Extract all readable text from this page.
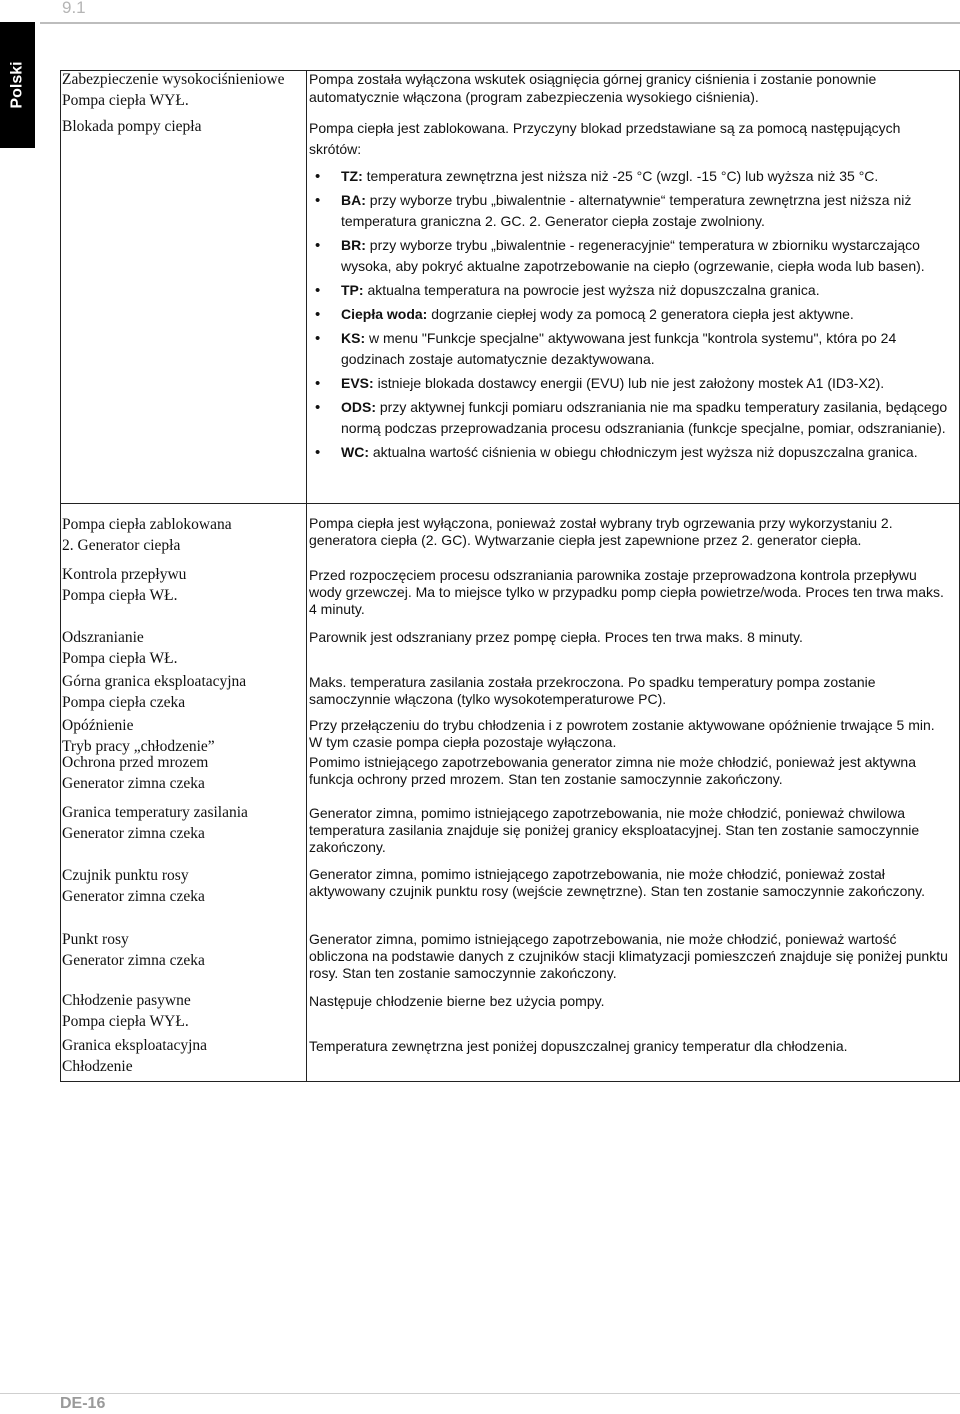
9.1
Polski Zabezpieczenie wysokociśnieniowe
Pompa ciepła WYŁ.
Pompa została wyłączona wskutek osiągnięcia górnej granicy ciśnienia i zostanie ponownie automatycznie włączona (program zabezpieczenia wysokiego ciśnienia).
Blokada pompy ciepła	Pompa ciepła jest zablokowana. Przyczyny blokad przedstawiane są za pomocą następujących skrótów:
• TZ: temperatura zewnętrzna jest niższa niż -25 °C (wzgl. -15 °C) lub wyższa niż 35 °C.
• BA: przy wyborze trybu „biwalentnie - alternatywnie“ temperatura zewnętrzna jest niższa niż temperatura graniczna 2. GC. 2. Generator ciepła zostaje zwolniony.
• BR: przy wyborze trybu „biwalentnie - regeneracyjnie“ temperatura w zbiorniku wystarczająco wysoka, aby pokryć aktualne zapotrzebowanie na ciepło (ogrzewanie, ciepła woda lub basen).
• TP: aktualna temperatura na powrocie jest wyższa niż dopuszczalna granica.
• Ciepła woda: dogrzanie ciepłej wody za pomocą 2 generatora ciepła jest aktywne.
• KS: w menu "Funkcje specjalne" aktywowana jest funkcja "kontrola systemu", która po 24 godzinach zostaje automatycznie dezaktywowana.
• EVS: istnieje blokada dostawcy energii (EVU) lub nie jest założony mostek A1 (ID3-X2).
• ODS: przy aktywnej funkcji pomiaru odszraniania nie ma spadku temperatury zasilania, będącego normą podczas przeprowadzania procesu odszraniania (funkcje specjalne, pomiar, odszranianie).
• WC: aktualna wartość ciśnienia w obiegu chłodniczym jest wyższa niż dopuszczalna granica.
Pompa ciepła zablokowana
2. Generator ciepła
Pompa ciepła jest wyłączona, ponieważ został wybrany tryb ogrzewania przy wykorzystaniu 2. generatora ciepła (2. GC). Wytwarzanie ciepła jest zapewnione przez 2. generator ciepła.
Kontrola przepływu
Pompa ciepła WŁ.
Przed rozpoczęciem procesu odszraniania parownika zostaje przeprowadzona kontrola przepływu wody grzewczej. Ma to miejsce tylko w przypadku pomp ciepła powietrze/woda. Proces ten trwa maks. 4 minuty.
Odszranianie
Pompa ciepła WŁ.
Parownik jest odszraniany przez pompę ciepła. Proces ten trwa maks. 8 minuty.
Górna granica eksploatacyjna
Pompa ciepła czeka
Maks. temperatura zasilania została przekroczona. Po spadku temperatury pompa zostanie samoczynnie włączona (tylko wysokotemperaturowe PC).
Opóźnienie
Tryb pracy „chłodzenie”
Przy przełączeniu do trybu chłodzenia i z powrotem zostanie aktywowane opóźnienie trwające 5 min. W tym czasie pompa ciepła pozostaje wyłączona.
Ochrona przed mrozem
Generator zimna czeka
Pomimo istniejącego zapotrzebowania generator zimna nie może chłodzić, ponieważ jest aktywna funkcja ochrony przed mrozem. Stan ten zostanie samoczynnie zakończony.
Granica temperatury zasilania
Generator zimna czeka
Generator zimna, pomimo istniejącego zapotrzebowania, nie może chłodzić, ponieważ chwilowa temperatura zasilania znajduje się poniżej granicy eksploatacyjnej. Stan ten zostanie samoczynnie zakończony.
Czujnik punktu rosy
Generator zimna czeka
Generator zimna, pomimo istniejącego zapotrzebowania, nie może chłodzić, ponieważ został aktywowany czujnik punktu rosy (wejście zewnętrzne). Stan ten zostanie samoczynnie zakończony.
Punkt rosy
Generator zimna czeka
Generator zimna, pomimo istniejącego zapotrzebowania, nie może chłodzić, ponieważ wartość obliczona na podstawie danych z czujników stacji klimatyzacji pomieszczeń znajduje się poniżej punktu rosy. Stan ten zostanie samoczynnie zakończony.
Chłodzenie pasywne
Pompa ciepła WYŁ.
Następuje chłodzenie bierne bez użycia pompy.
Granica eksploatacyjna
Chłodzenie
Temperatura zewnętrzna jest poniżej dopuszczalnej granicy temperatur dla chłodzenia.
DE-16
